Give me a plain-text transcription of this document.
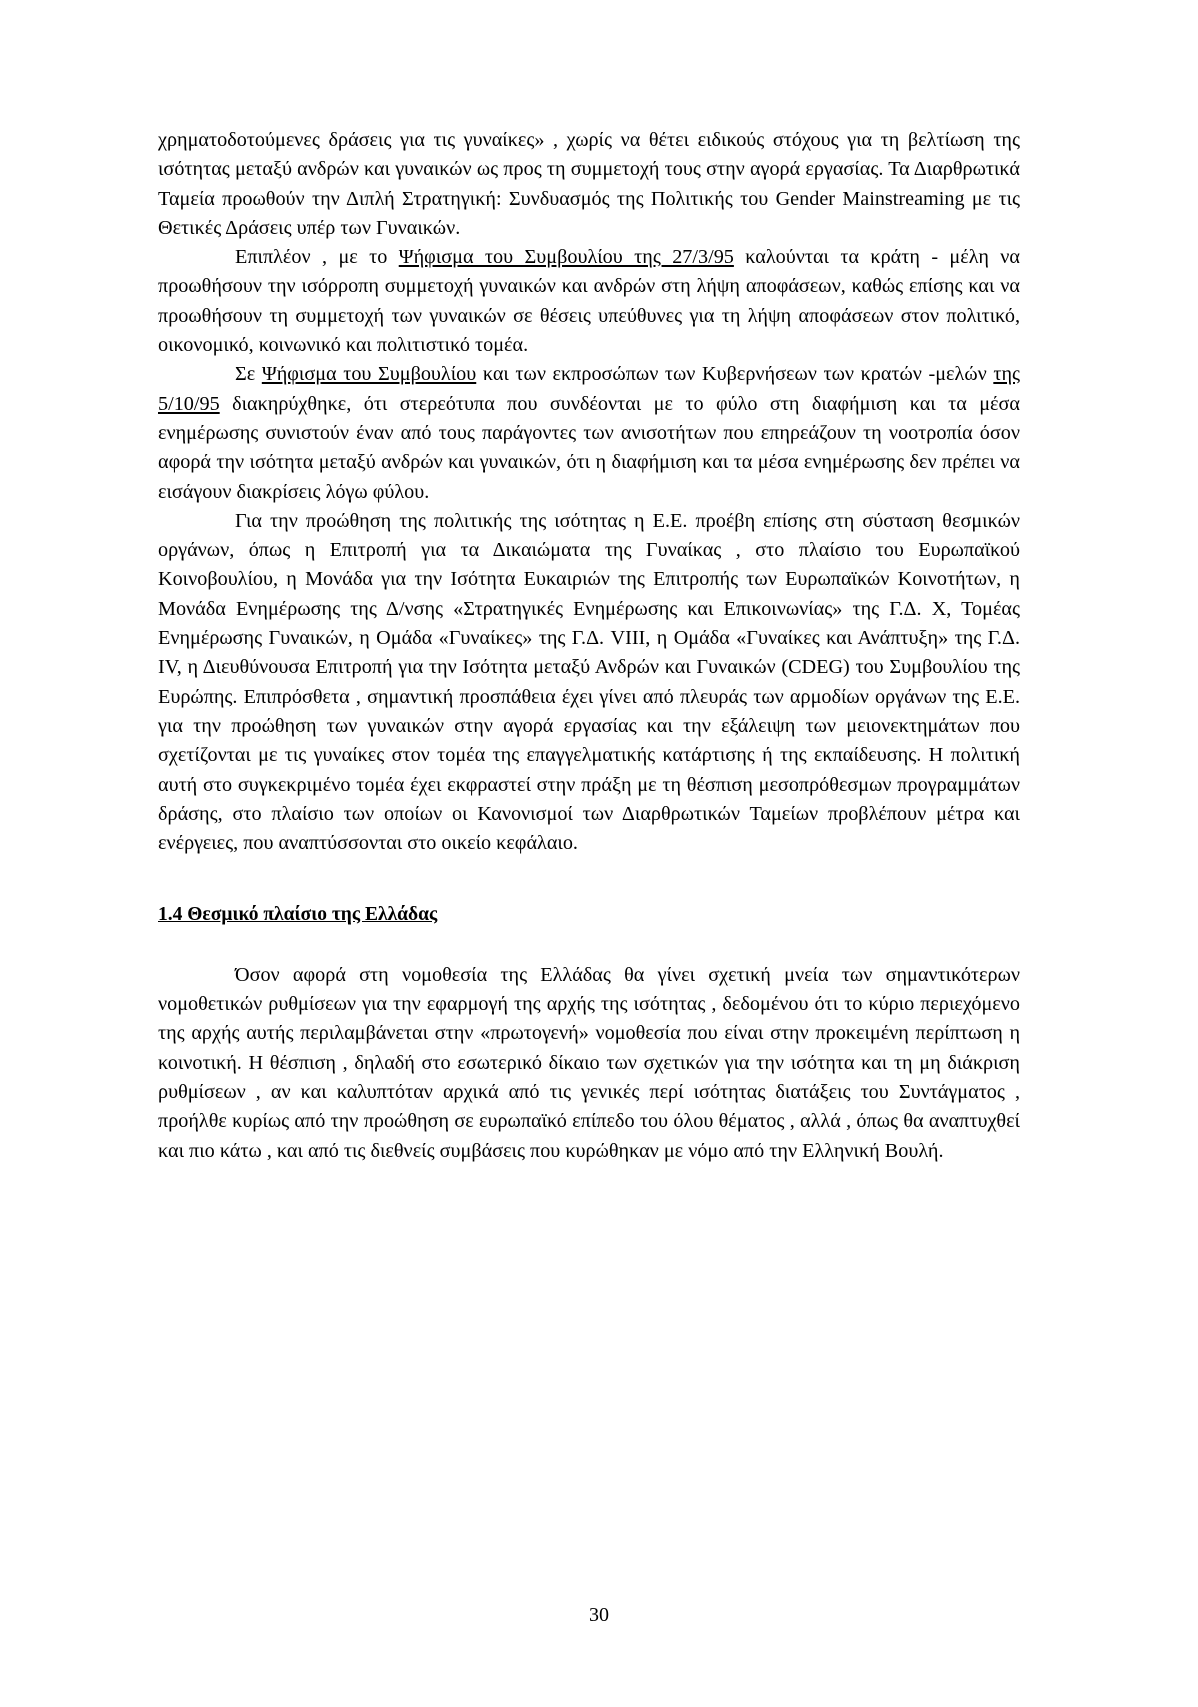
χρηματοδοτούμενες δράσεις για τις γυναίκες» , χωρίς να θέτει ειδικούς στόχους για τη βελτίωση της ισότητας μεταξύ ανδρών και γυναικών ως προς τη συμμετοχή τους στην αγορά εργασίας. Τα Διαρθρωτικά Ταμεία προωθούν την Διπλή Στρατηγική: Συνδυασμός της Πολιτικής του Gender Mainstreaming με τις Θετικές Δράσεις υπέρ των Γυναικών.

Επιπλέον , με το Ψήφισμα του Συμβουλίου της 27/3/95 καλούνται τα κράτη - μέλη να προωθήσουν την ισόρροπη συμμετοχή γυναικών και ανδρών στη λήψη αποφάσεων, καθώς επίσης και να προωθήσουν τη συμμετοχή των γυναικών σε θέσεις υπεύθυνες για τη λήψη αποφάσεων στον πολιτικό, οικονομικό, κοινωνικό και πολιτιστικό τομέα.

Σε Ψήφισμα του Συμβουλίου και των εκπροσώπων των Κυβερνήσεων των κρατών -μελών της 5/10/95 διακηρύχθηκε, ότι στερεότυπα που συνδέονται με το φύλο στη διαφήμιση και τα μέσα ενημέρωσης συνιστούν έναν από τους παράγοντες των ανισοτήτων που επηρεάζουν τη νοοτροπία όσον αφορά την ισότητα μεταξύ ανδρών και γυναικών, ότι η διαφήμιση και τα μέσα ενημέρωσης δεν πρέπει να εισάγουν διακρίσεις λόγω φύλου.

Για την προώθηση της πολιτικής της ισότητας η Ε.Ε. προέβη επίσης στη σύσταση θεσμικών οργάνων, όπως η Επιτροπή για τα Δικαιώματα της Γυναίκας , στο πλαίσιο του Ευρωπαϊκού Κοινοβουλίου, η Μονάδα για την Ισότητα Ευκαιριών της Επιτροπής των Ευρωπαϊκών Κοινοτήτων, η Μονάδα Ενημέρωσης της Δ/νσης «Στρατηγικές Ενημέρωσης και Επικοινωνίας» της Γ.Δ. Χ, Τομέας Ενημέρωσης Γυναικών, η Ομάδα «Γυναίκες» της Γ.Δ. VIII, η Ομάδα «Γυναίκες και Ανάπτυξη» της Γ.Δ. IV, η Διευθύνουσα Επιτροπή για την Ισότητα μεταξύ Ανδρών και Γυναικών (CDEG) του Συμβουλίου της Ευρώπης. Επιπρόσθετα , σημαντική προσπάθεια έχει γίνει από πλευράς των αρμοδίων οργάνων της Ε.Ε. για την προώθηση των γυναικών στην αγορά εργασίας και την εξάλειψη των μειονεκτημάτων που σχετίζονται με τις γυναίκες στον τομέα της επαγγελματικής κατάρτισης ή της εκπαίδευσης. Η πολιτική αυτή στο συγκεκριμένο τομέα έχει εκφραστεί στην πράξη με τη θέσπιση μεσοπρόθεσμων προγραμμάτων δράσης, στο πλαίσιο των οποίων οι Κανονισμοί των Διαρθρωτικών Ταμείων προβλέπουν μέτρα και ενέργειες, που αναπτύσσονται στο οικείο κεφάλαιο.

1.4 Θεσμικό πλαίσιο της Ελλάδας

Όσον αφορά στη νομοθεσία της Ελλάδας θα γίνει σχετική μνεία των σημαντικότερων νομοθετικών ρυθμίσεων για την εφαρμογή της αρχής της ισότητας , δεδομένου ότι το κύριο περιεχόμενο της αρχής αυτής περιλαμβάνεται στην «πρωτογενή» νομοθεσία που είναι στην προκειμένη περίπτωση η κοινοτική. Η θέσπιση , δηλαδή στο εσωτερικό δίκαιο των σχετικών για την ισότητα και τη μη διάκριση ρυθμίσεων , αν και καλυπτόταν αρχικά από τις γενικές περί ισότητας διατάξεις του Συντάγματος , προήλθε κυρίως από την προώθηση σε ευρωπαϊκό επίπεδο του όλου θέματος , αλλά , όπως θα αναπτυχθεί και πιο κάτω , και από τις διεθνείς συμβάσεις που κυρώθηκαν με νόμο από την Ελληνική Βουλή.

30
